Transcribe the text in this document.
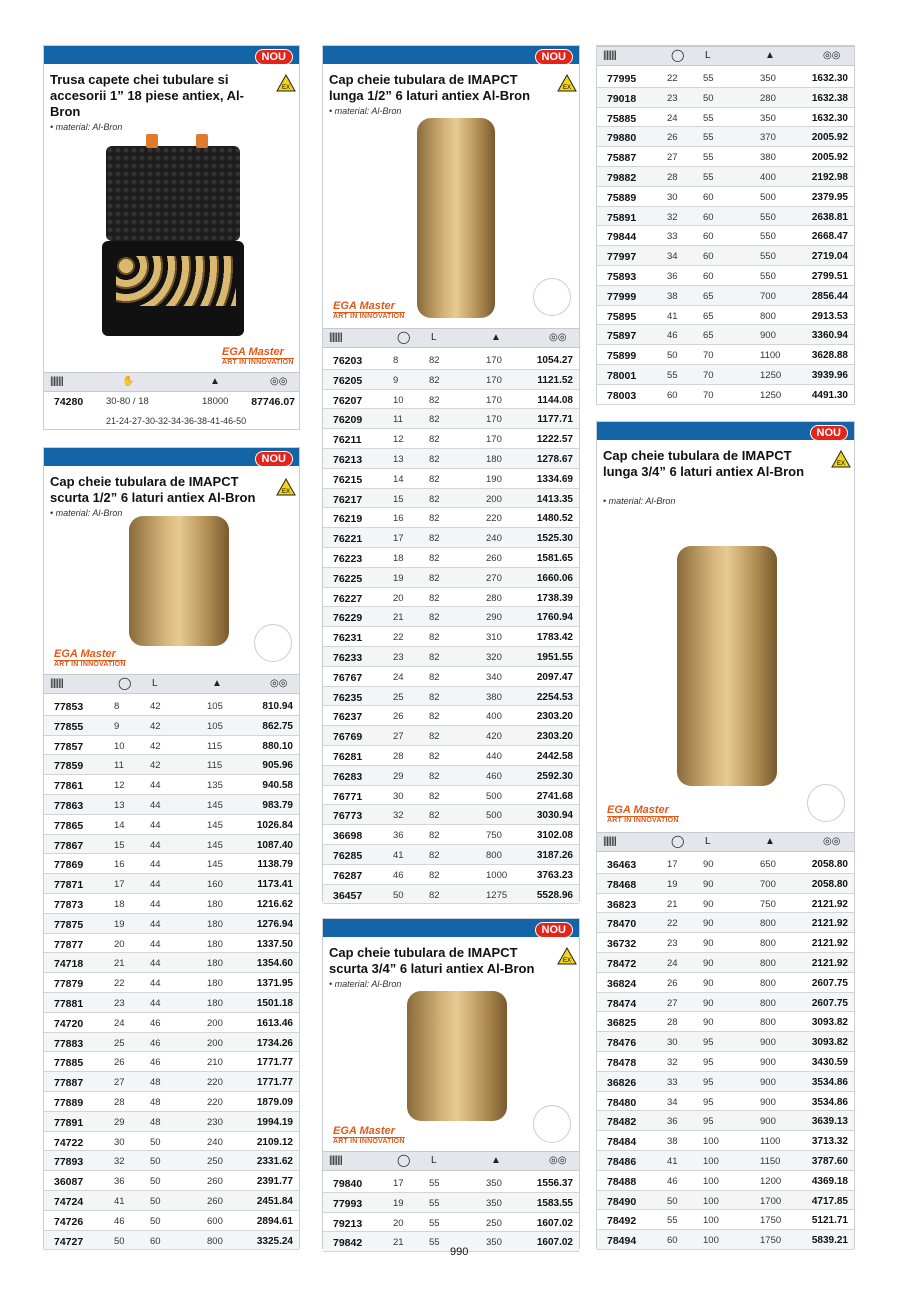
NOU
Trusa capete chei tubulare si accesorii 1” 18 piese antiex, Al-Bron
EX
• material: Al-Bron
EGA Master
ART IN INNOVATION
||||||||	✋	▲	◎◎
74280 30-80 / 18	18000 87746.07
21-24-27-30-32-34-36-38-41-46-50
NOU
Cap cheie tubulara de IMAPCT scurta 1/2” 6 laturi antiex Al-Bron	EX
• material: Al-Bron
EGA Master
ART IN INNOVATION
||||||||	◯ L	▲	◎◎
77853	8	42	105	810.94
77855	9	42	105	862.75
77857	10	42	115	880.10
77859	11	42	115	905.96
77861	12	44	135	940.58
77863	13	44	145	983.79
77865	14	44	145	1026.84
77867	15	44	145	1087.40
77869	16	44	145	1138.79
77871	17	44	160	1173.41
77873	18	44	180	1216.62
77875	19	44	180	1276.94
77877	20	44	180	1337.50
74718	21	44	180	1354.60
77879	22	44	180	1371.95
77881	23	44	180	1501.18
74720	24	46	200	1613.46
77883	25	46	200	1734.26
77885	26	46	210	1771.77
77887	27	48	220	1771.77
77889	28	48	220	1879.09
77891	29	48	230	1994.19
74722	30	50	240	2109.12
77893	32	50	250	2331.62
36087	36	50	260	2391.77
74724	41	50	260	2451.84
74726	46	50	600	2894.61
74727	50	60	800	3325.24
NOU
Cap cheie tubulara de IMAPCT lunga 1/2” 6 laturi antiex Al-Bron	EX
• material: Al-Bron
EGA Master
ART IN INNOVATION
||||||||	◯ L	▲	◎◎
76203	8	82	170	1054.27
76205	9	82	170	1121.52
76207	10	82	170	1144.08
76209	11	82	170	1177.71
76211	12	82	170	1222.57
76213	13	82	180	1278.67
76215	14	82	190	1334.69
76217	15	82	200	1413.35
76219	16	82	220	1480.52
76221	17	82	240	1525.30
76223	18	82	260	1581.65
76225	19	82	270	1660.06
76227	20	82	280	1738.39
76229	21	82	290	1760.94
76231	22	82	310	1783.42
76233	23	82	320	1951.55
76767	24	82	340	2097.47
76235	25	82	380	2254.53
76237	26	82	400	2303.20
76769	27	82	420	2303.20
76281	28	82	440	2442.58
76283	29	82	460	2592.30
76771	30	82	500	2741.68
76773	32	82	500	3030.94
36698	36	82	750	3102.08
76285	41	82	800	3187.26
76287	46	82	1000	3763.23
36457	50	82	1275	5528.96
NOU
Cap cheie tubulara de IMAPCT scurta 3/4” 6 laturi antiex Al-Bron	EX
• material: Al-Bron
EGA Master
ART IN INNOVATION
||||||||	◯ L	▲	◎◎
79840	17	55	350	1556.37
77993	19	55	350	1583.55
79213	20	55	250	1607.02
79842	21	55	350	1607.02
||||||||	◯ L	▲	◎◎
77995	22	55	350	1632.30
79018	23	50	280	1632.38
75885	24	55	350	1632.30
79880	26	55	370	2005.92
75887	27	55	380	2005.92
79882	28	55	400	2192.98
75889	30	60	500	2379.95
75891	32	60	550	2638.81
79844	33	60	550	2668.47
77997	34	60	550	2719.04
75893	36	60	550	2799.51
77999	38	65	700	2856.44
75895	41	65	800	2913.53
75897	46	65	900	3360.94
75899	50	70	1100	3628.88
78001	55	70	1250	3939.96
78003	60	70	1250	4491.30
NOU
Cap cheie tubulara de IMAPCT lunga 3/4” 6 laturi antiex Al-Bron	EX
• material: Al-Bron
EGA Master
ART IN INNOVATION
||||||||	◯ L	▲	◎◎
36463	17	90	650	2058.80
78468	19	90	700	2058.80
36823	21	90	750	2121.92
78470	22	90	800	2121.92
36732	23	90	800	2121.92
78472	24	90	800	2121.92
36824	26	90	800	2607.75
78474	27	90	800	2607.75
36825	28	90	800	3093.82
78476	30	95	900	3093.82
78478	32	95	900	3430.59
36826	33	95	900	3534.86
78480	34	95	900	3534.86
78482	36	95	900	3639.13
78484	38	100	1100	3713.32
78486	41	100	1150	3787.60
78488	46	100	1200	4369.18
78490	50	100	1700	4717.85
78492	55	100	1750	5121.71
78494	60	100	1750	5839.21
990
